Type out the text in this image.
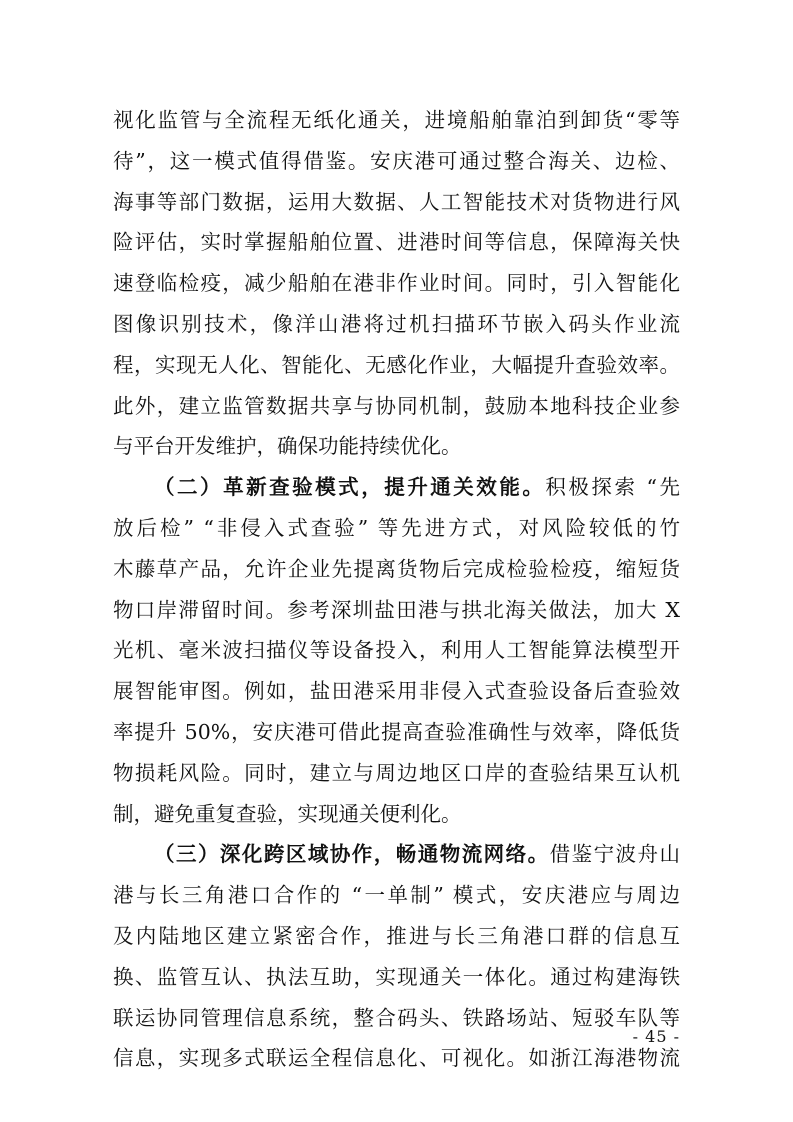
视化监管与全流程无纸化通关，进境船舶靠泊到卸货“零等
待”，这一模式值得借鉴。安庆港可通过整合海关、边检、
海事等部门数据，运用大数据、人工智能技术对货物进行风
险评估，实时掌握船舶位置、进港时间等信息，保障海关快
速登临检疫，减少船舶在港非作业时间。同时，引入智能化
图像识别技术，像洋山港将过机扫描环节嵌入码头作业流
程，实现无人化、智能化、无感化作业，大幅提升查验效率。
此外，建立监管数据共享与协同机制，鼓励本地科技企业参
与平台开发维护，确保功能持续优化。
（二）革新查验模式，提升通关效能。积极探索 “先
放后检” “非侵入式查验” 等先进方式，对风险较低的竹
木藤草产品，允许企业先提离货物后完成检验检疫，缩短货
物口岸滞留时间。参考深圳盐田港与拱北海关做法，加大 X
光机、毫米波扫描仪等设备投入，利用人工智能算法模型开
展智能审图。例如，盐田港采用非侵入式查验设备后查验效
率提升 50%，安庆港可借此提高查验准确性与效率，降低货
物损耗风险。同时，建立与周边地区口岸的查验结果互认机
制，避免重复查验，实现通关便利化。
（三）深化跨区域协作，畅通物流网络。借鉴宁波舟山
港与长三角港口合作的 “一单制” 模式，安庆港应与周边
及内陆地区建立紧密合作，推进与长三角港口群的信息互
换、监管互认、执法互助，实现通关一体化。通过构建海铁
联运协同管理信息系统，整合码头、铁路场站、短驳车队等
信息，实现多式联运全程信息化、可视化。如浙江海港物流
- 45 -
